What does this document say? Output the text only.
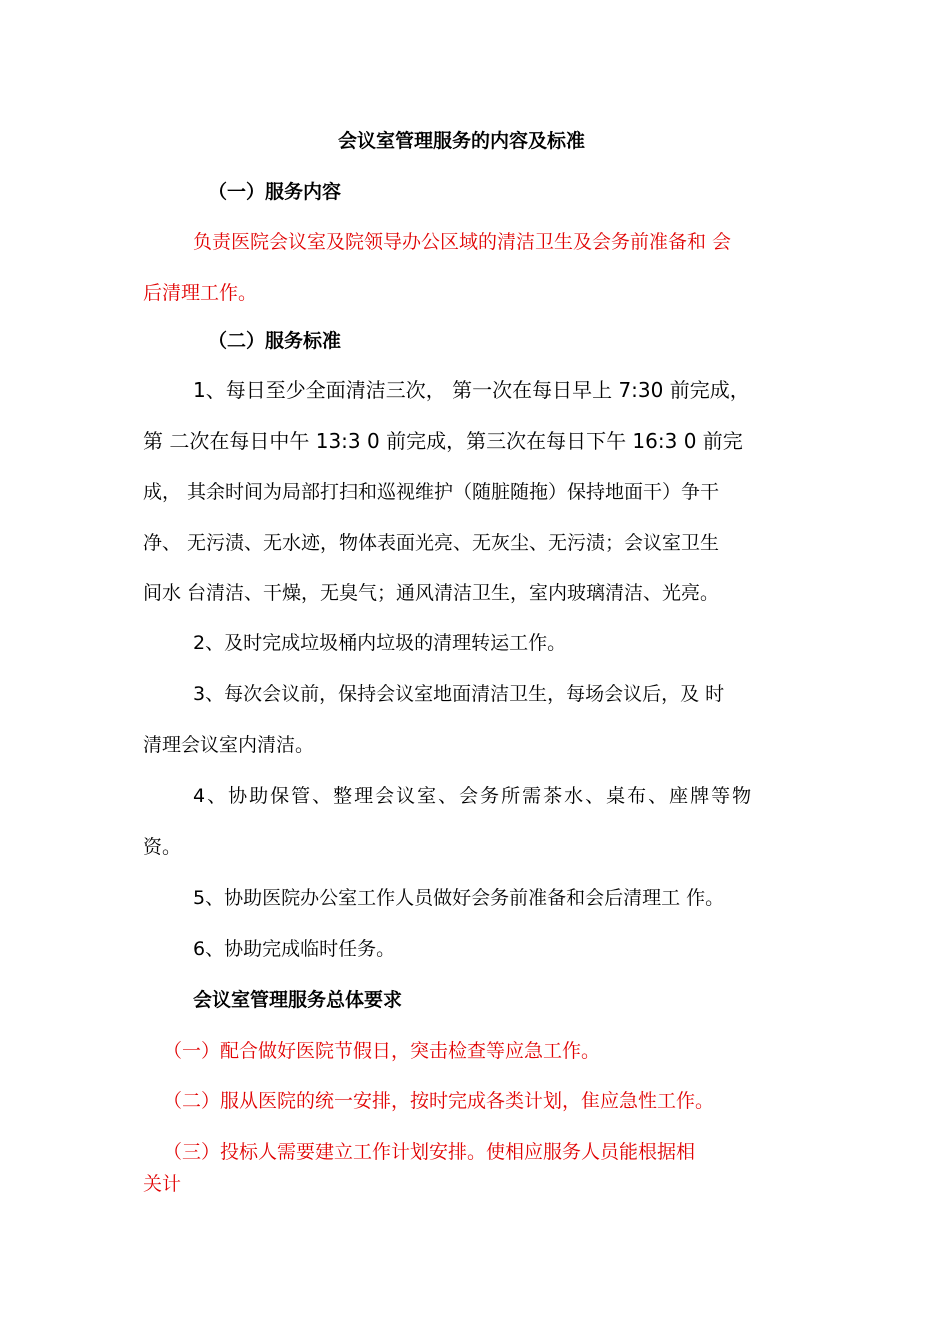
会议室管理服务的内容及标准
（一）服务内容
负责医院会议室及院领导办公区域的清洁卫生及会务前准备和 会
后清理工作。
（二）服务标准
1、每日至少全面清洁三次， 第一次在每日早上 7:30 前完成，
第 二次在每日中午 13:3 0 前完成，第三次在每日下午 16:3 0 前完
成， 其余时间为局部打扫和巡视维护（随脏随拖）保持地面干）争干
净、 无污渍、无水迹，物体表面光亮、无灰尘、无污渍；会议室卫生
间水 台清洁、干燥，无臭气；通风清洁卫生，室内玻璃清洁、光亮。
2、及时完成垃圾桶内垃圾的清理转运工作。
3、每次会议前，保持会议室地面清洁卫生，每场会议后，及 时
清理会议室内清洁。
4、协助保管、整理会议室、会务所需茶水、桌布、座牌等物
资。
5、协助医院办公室工作人员做好会务前准备和会后清理工 作。
6、协助完成临时任务。
会议室管理服务总体要求
（一）配合做好医院节假日，突击检查等应急工作。
（二）服从医院的统一安排，按时完成各类计划，隹应急性工作。
（三）投标人需要建立工作计划安排。使相应服务人员能根据相
关计
